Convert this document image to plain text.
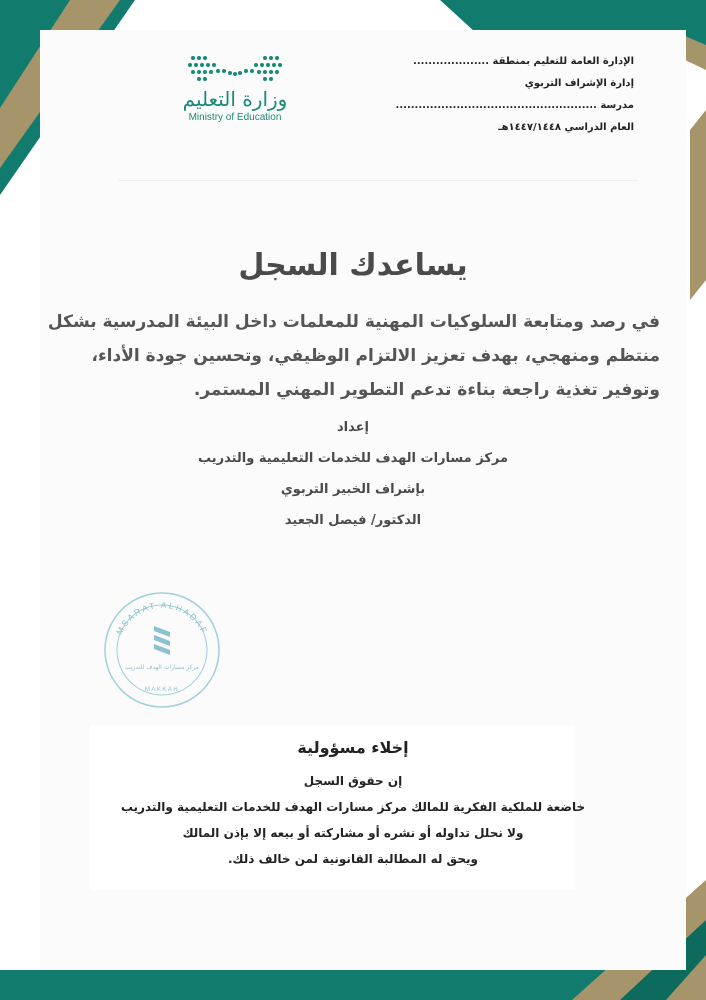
وزارة التعليم
Ministry of Education
الإدارة العامة للتعليم بمنطقة ....................
إدارة الإشراف التربوي
مدرسة .....................................................
العام الدراسي ١٤٤٧/١٤٤٨هـ
يساعدك السجل
في رصد ومتابعة السلوكيات المهنية للمعلمات داخل البيئة المدرسية بشكل منتظم ومنهجي، بهدف تعزيز الالتزام الوظيفي، وتحسين جودة الأداء، وتوفير تغذية راجعة بناءة تدعم التطوير المهني المستمر.
إعداد
مركز مسارات الهدف للخدمات التعليمية والتدريب
بإشراف الخبير التربوي
الدكتور/ فيصل الجعيد
MSARAT ALHADAF
مركز مسارات الهدف للتدريب
MAKKAH
إخلاء مسؤولية
إن حقوق السجل
خاضعة للملكية الفكرية للمالك مركز مسارات الهدف للخدمات التعليمية والتدريب
ولا نحلل تداوله أو نشره أو مشاركته أو بيعه إلا بإذن المالك
ويحق له المطالبة القانونية لمن خالف ذلك.
